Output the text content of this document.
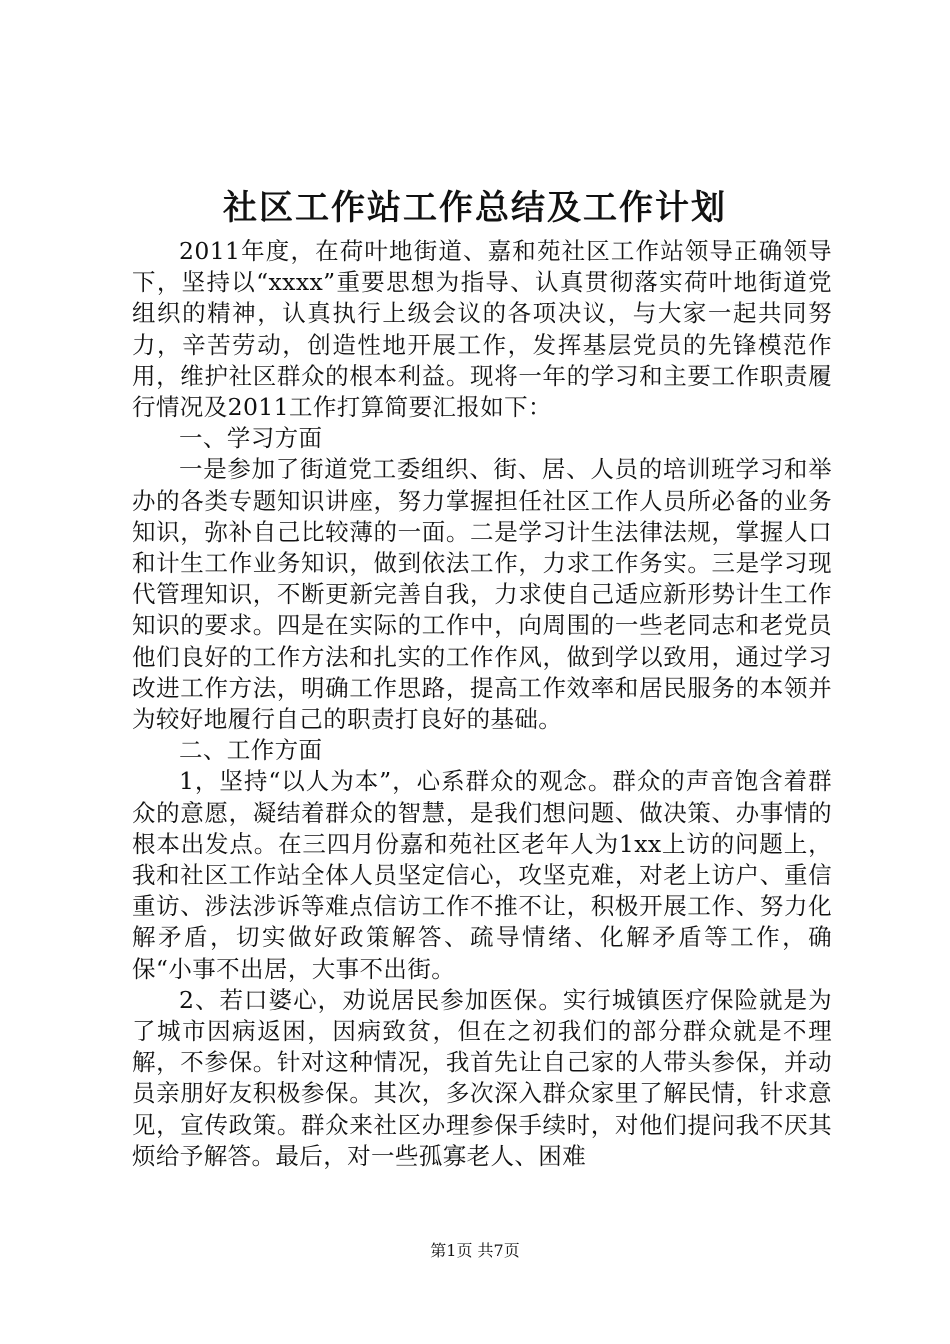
社区工作站工作总结及工作计划

2011年度，在荷叶地街道、嘉和苑社区工作站领导正确领导下，坚持以“xxxx”重要思想为指导、认真贯彻落实荷叶地街道党组织的精神，认真执行上级会议的各项决议，与大家一起共同努力，辛苦劳动，创造性地开展工作，发挥基层党员的先锋模范作用，维护社区群众的根本利益。现将一年的学习和主要工作职责履行情况及2011工作打算简要汇报如下：

一、学习方面

一是参加了街道党工委组织、街、居、人员的培训班学习和举办的各类专题知识讲座，努力掌握担任社区工作人员所必备的业务知识，弥补自己比较薄的一面。二是学习计生法律法规，掌握人口和计生工作业务知识，做到依法工作，力求工作务实。三是学习现代管理知识，不断更新完善自我，力求使自己适应新形势计生工作知识的要求。四是在实际的工作中，向周围的一些老同志和老党员他们良好的工作方法和扎实的工作作风，做到学以致用，通过学习改进工作方法，明确工作思路，提高工作效率和居民服务的本领并为较好地履行自己的职责打良好的基础。

二、工作方面

1，坚持“以人为本”，心系群众的观念。群众的声音饱含着群众的意愿，凝结着群众的智慧，是我们想问题、做决策、办事情的根本出发点。在三四月份嘉和苑社区老年人为1xx上访的问题上，我和社区工作站全体人员坚定信心，攻坚克难，对老上访户、重信重访、涉法涉诉等难点信访工作不推不让，积极开展工作、努力化解矛盾，切实做好政策解答、疏导情绪、化解矛盾等工作，确保“小事不出居，大事不出街。

2、若口婆心，劝说居民参加医保。实行城镇医疗保险就是为了城市因病返困，因病致贫，但在之初我们的部分群众就是不理解，不参保。针对这种情况，我首先让自己家的人带头参保，并动员亲朋好友积极参保。其次，多次深入群众家里了解民情，针求意见，宣传政策。群众来社区办理参保手续时，对他们提问我不厌其烦给予解答。最后，对一些孤寡老人、困难

第1页 共7页
